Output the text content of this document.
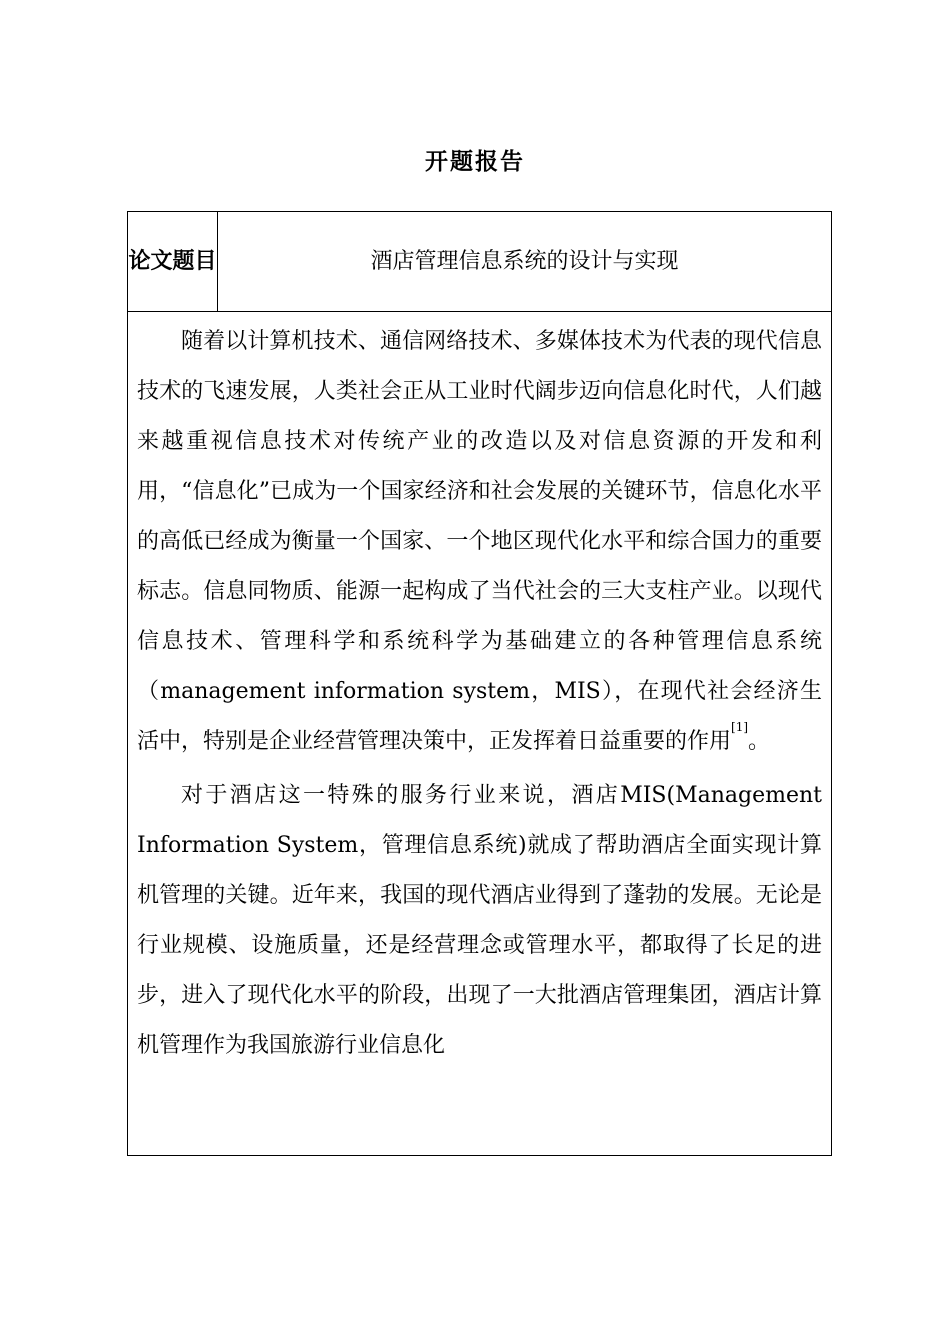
开题报告
论文题目	酒店管理信息系统的设计与实现

随着以计算机技术、通信网络技术、多媒体技术为代表的现代信息技术的飞速发展，人类社会正从工业时代阔步迈向信息化时代，人们越来越重视信息技术对传统产业的改造以及对信息资源的开发和利用，“信息化”已成为一个国家经济和社会发展的关键环节，信息化水平的高低已经成为衡量一个国家、一个地区现代化水平和综合国力的重要标志。信息同物质、能源一起构成了当代社会的三大支柱产业。以现代信息技术、管理科学和系统科学为基础建立的各种管理信息系统（management information system，MIS），在现代社会经济生活中，特别是企业经营管理决策中，正发挥着日益重要的作用[1]。

对于酒店这一特殊的服务行业来说，酒店MIS(Management Information System，管理信息系统)就成了帮助酒店全面实现计算机管理的关键。近年来，我国的现代酒店业得到了蓬勃的发展。无论是行业规模、设施质量，还是经营理念或管理水平，都取得了长足的进步，进入了现代化水平的阶段，出现了一大批酒店管理集团，酒店计算机管理作为我国旅游行业信息化
